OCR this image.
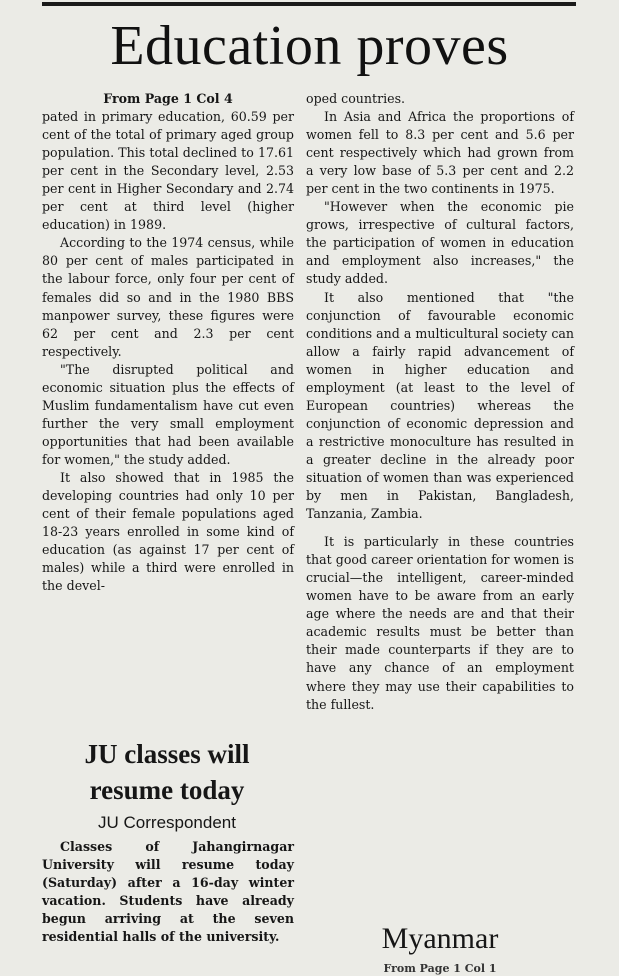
Education proves

From Page 1 Col 4

pated in primary education, 60.59 per cent of the total of primary aged group population. This total declined to 17.61 per cent in the Secondary level, 2.53 per cent in Higher Secondary and 2.74 per cent at third level (higher education) in 1989.

According to the 1974 census, while 80 per cent of males participated in the labour force, only four per cent of females did so and in the 1980 BBS manpower survey, these figures were 62 per cent and 2.3 per cent respectively.

"The disrupted political and economic situation plus the effects of Muslim fundamentalism have cut even further the very small employment opportunities that had been available for women," the study added.

It also showed that in 1985 the developing countries had only 10 per cent of their female populations aged 18-23 years enrolled in some kind of education (as against 17 per cent of males) while a third were enrolled in the devel-

oped countries.

In Asia and Africa the proportions of women fell to 8.3 per cent and 5.6 per cent respectively which had grown from a very low base of 5.3 per cent and 2.2 per cent in the two continents in 1975.

"However when the economic pie grows, irrespective of cultural factors, the participation of women in education and employment also increases," the study added.

It also mentioned that "the conjunction of favourable economic conditions and a multicultural society can allow a fairly rapid advancement of women in higher education and employment (at least to the level of European countries) whereas the conjunction of economic depression and a restrictive monoculture has resulted in a greater decline in the already poor situation of women than was experienced by men in Pakistan, Bangladesh, Tanzania, Zambia.

It is particularly in these countries that good career orientation for women is crucial—the intelligent, career-minded women have to be aware from an early age where the needs are and that their academic results must be better than their made counterparts if they are to have any chance of an employment where they may use their capabilities to the fullest.

JU classes will resume today
JU Correspondent

Classes of Jahangirnagar University will resume today (Saturday) after a 16-day winter vacation. Students have already begun arriving at the seven residential halls of the university.	Myanmar
From Page 1 Col 1
